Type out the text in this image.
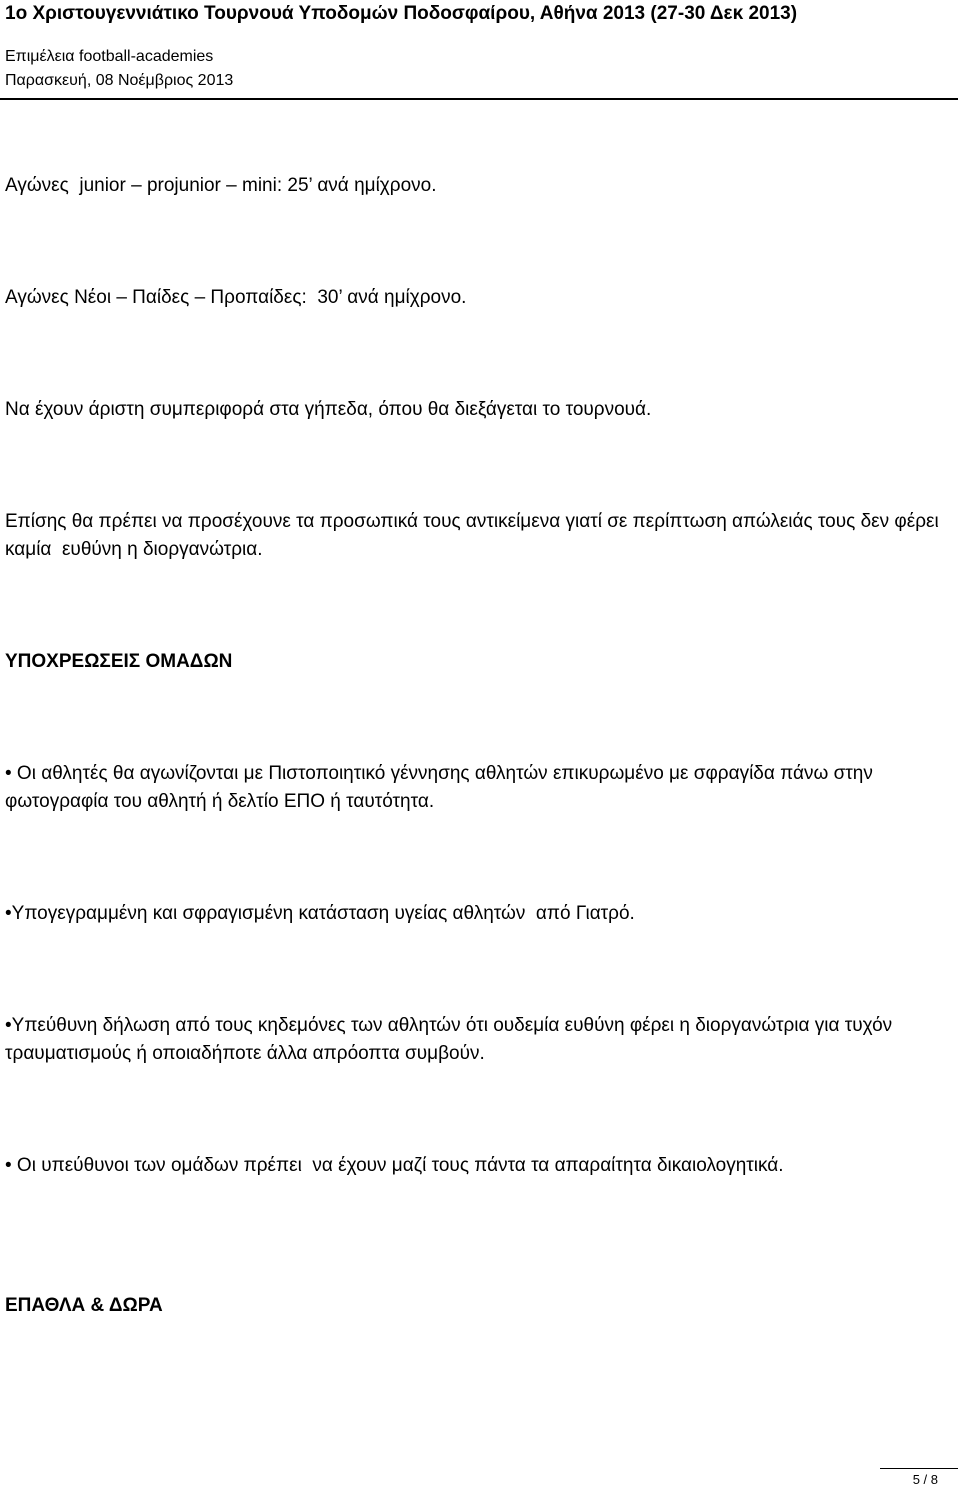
1ο Χριστουγεννιάτικο Τουρνουά Υποδομών Ποδοσφαίρου, Αθήνα 2013 (27-30 Δεκ 2013)
Επιμέλεια football-academies
Παρασκευή, 08 Νοέμβριος 2013
Αγώνες  junior – projunior – mini: 25’ ανά ημίχρονο.
Αγώνες Νέοι – Παίδες – Προπαίδες:  30’ ανά ημίχρονο.
Να έχουν άριστη συμπεριφορά στα γήπεδα, όπου θα διεξάγεται το τουρνουά.
Επίσης θα πρέπει να προσέχουνε τα προσωπικά τους αντικείμενα γιατί σε περίπτωση απώλειάς τους δεν φέρει καμία  ευθύνη η διοργανώτρια.
ΥΠΟΧΡΕΩΣΕΙΣ ΟΜΑΔΩΝ
• Οι αθλητές θα αγωνίζονται με Πιστοποιητικό γέννησης αθλητών επικυρωμένο με σφραγίδα πάνω στην φωτογραφία του αθλητή ή δελτίο ΕΠΟ ή ταυτότητα.
•Υπογεγραμμένη και σφραγισμένη κατάσταση υγείας αθλητών  από Γιατρό.
•Υπεύθυνη δήλωση από τους κηδεμόνες των αθλητών ότι ουδεμία ευθύνη φέρει η διοργανώτρια για τυχόν τραυματισμούς ή οποιαδήποτε άλλα απρόοπτα συμβούν.
• Οι υπεύθυνοι των ομάδων πρέπει  να έχουν μαζί τους πάντα τα απαραίτητα δικαιολογητικά.
ΕΠΑΘΛΑ & ΔΩΡΑ
5 / 8
